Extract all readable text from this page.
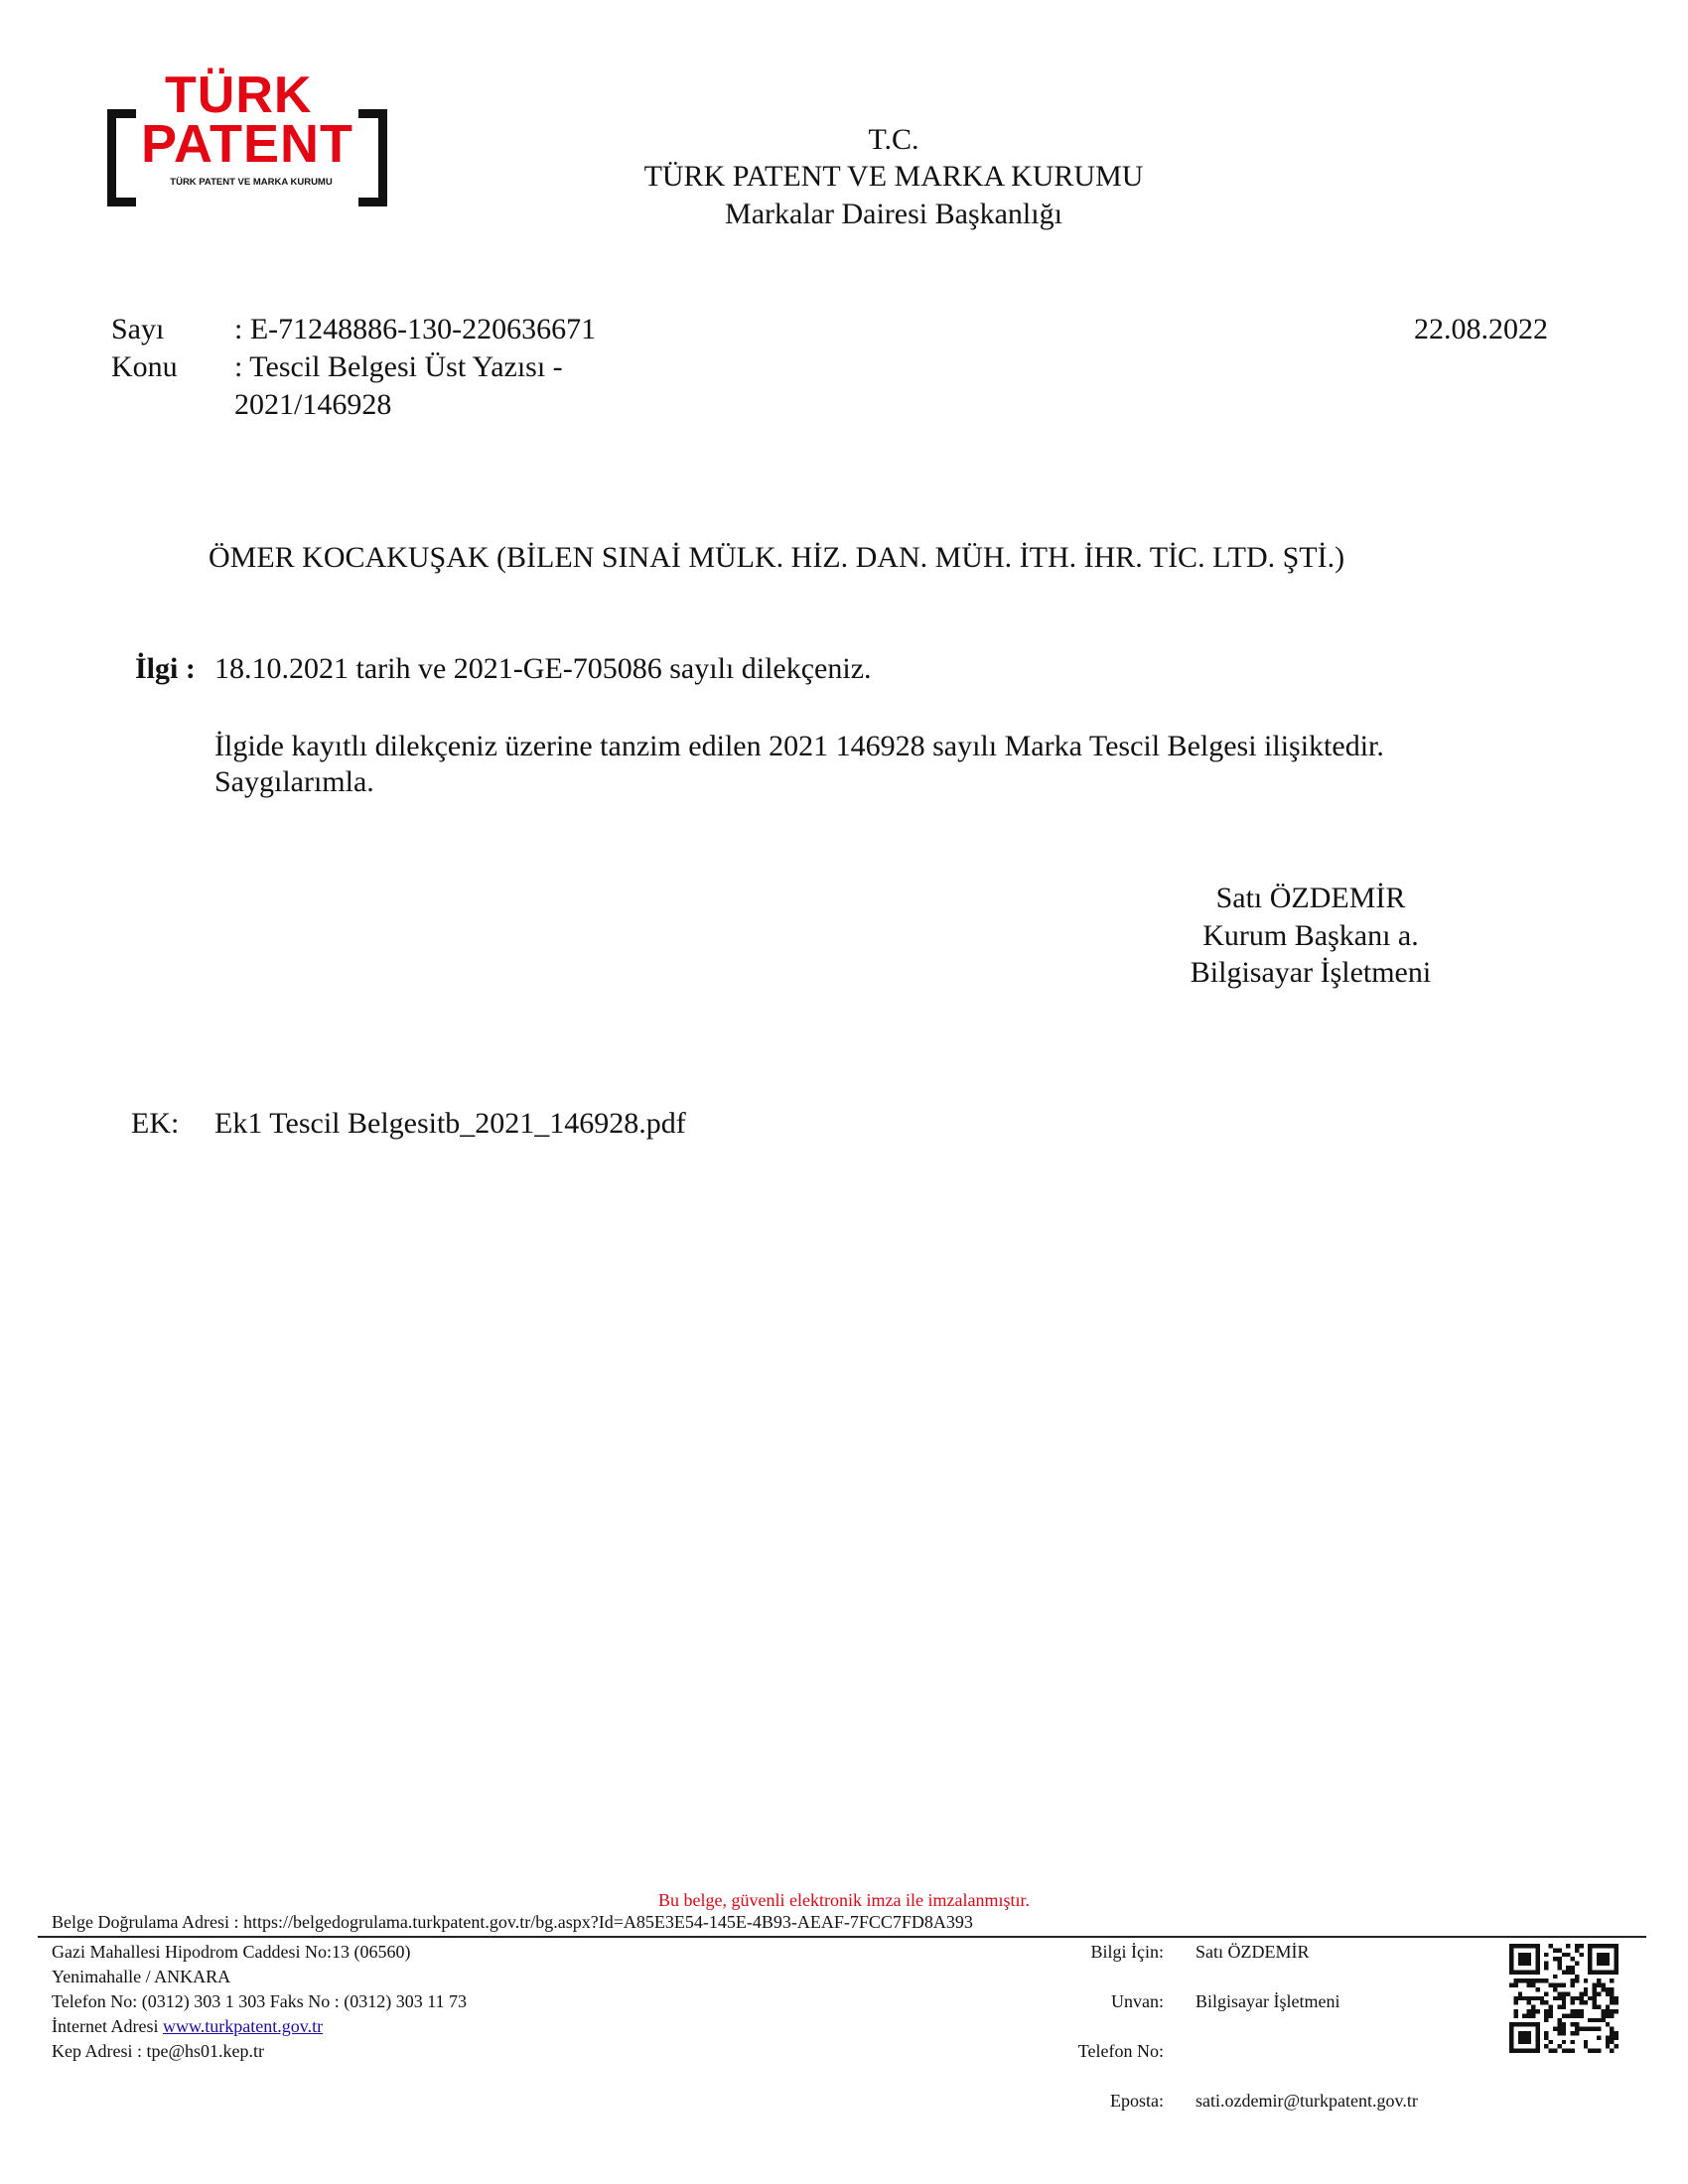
TÜRK
PATENT
TÜRK PATENT VE MARKA KURUMU
T.C.
TÜRK PATENT VE MARKA KURUMU
Markalar Dairesi Başkanlığı
Sayı : E-71248886-130-220636671	22.08.2022
Konu : Tescil Belgesi Üst Yazısı -
2021/146928
ÖMER KOCAKUŞAK (BİLEN SINAİ MÜLK. HİZ. DAN. MÜH. İTH. İHR. TİC. LTD. ŞTİ.)
İlgi : 18.10.2021 tarih ve 2021-GE-705086 sayılı dilekçeniz.
İlgide kayıtlı dilekçeniz üzerine tanzim edilen 2021 146928 sayılı Marka Tescil Belgesi ilişiktedir.
Saygılarımla.
Satı ÖZDEMİR
Kurum Başkanı a.
Bilgisayar İşletmeni
EK: Ek1 Tescil Belgesitb_2021_146928.pdf
Bu belge, güvenli elektronik imza ile imzalanmıştır.
Belge Doğrulama Adresi : https://belgedogrulama.turkpatent.gov.tr/bg.aspx?Id=A85E3E54-145E-4B93-AEAF-7FCC7FD8A393
Gazi Mahallesi Hipodrom Caddesi No:13 (06560)
Yenimahalle / ANKARA
Telefon No: (0312) 303 1 303 Faks No : (0312) 303 11 73
İnternet Adresi www.turkpatent.gov.tr
Kep Adresi : tpe@hs01.kep.tr
Bilgi İçin: Satı ÖZDEMİR
Unvan: Bilgisayar İşletmeni
Telefon No:
Eposta: sati.ozdemir@turkpatent.gov.tr
